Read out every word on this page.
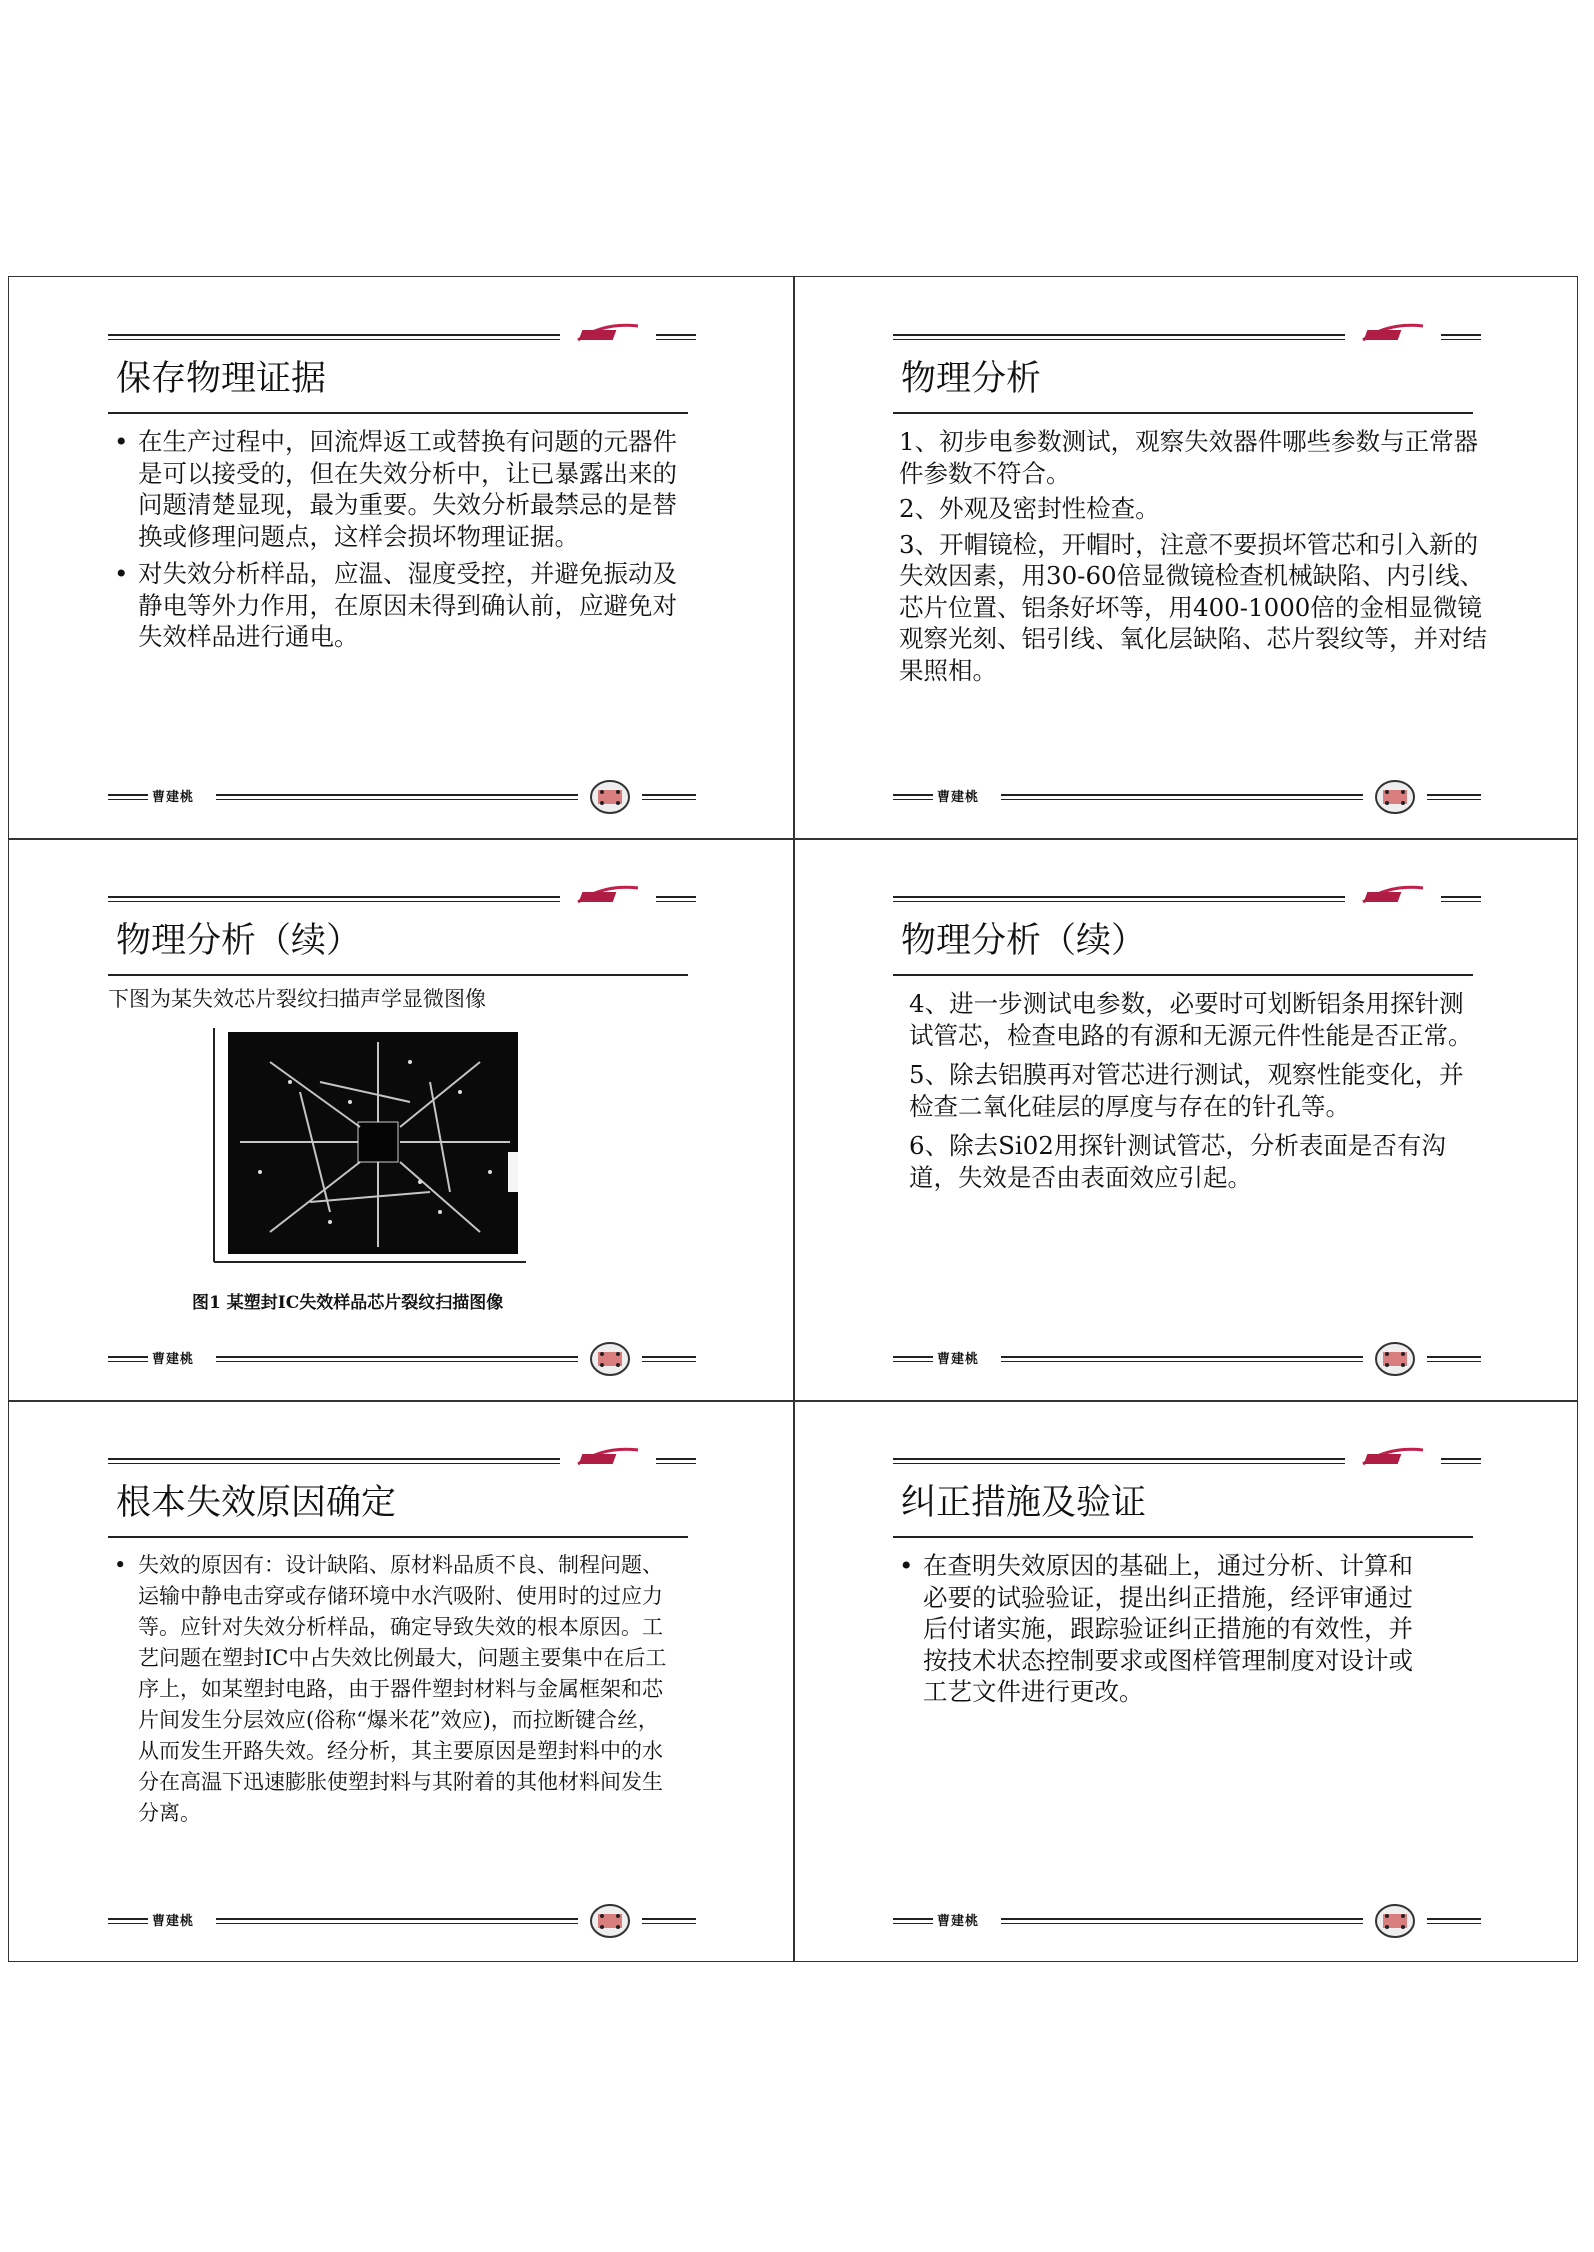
保存物理证据
• 在生产过程中，回流焊返工或替换有问题的元器件是可以接受的，但在失效分析中，让已暴露出来的问题清楚显现，最为重要。失效分析最禁忌的是替换或修理问题点，这样会损坏物理证据。
• 对失效分析样品，应温、湿度受控，并避免振动及静电等外力作用，在原因未得到确认前，应避免对失效样品进行通电。
曹建桃
物理分析
1、初步电参数测试，观察失效器件哪些参数与正常器件参数不符合。
2、外观及密封性检查。
3、开帽镜检，开帽时，注意不要损坏管芯和引入新的失效因素，用30-60倍显微镜检查机械缺陷、内引线、芯片位置、铝条好坏等，用400-1000倍的金相显微镜观察光刻、铝引线、氧化层缺陷、芯片裂纹等，并对结果照相。
曹建桃
物理分析（续）
下图为某失效芯片裂纹扫描声学显微图像
图1 某塑封IC失效样品芯片裂纹扫描图像
曹建桃
物理分析（续）
4、进一步测试电参数，必要时可划断铝条用探针测试管芯，检查电路的有源和无源元件性能是否正常。
5、除去铝膜再对管芯进行测试，观察性能变化，并检查二氧化硅层的厚度与存在的针孔等。
6、除去Si02用探针测试管芯，分析表面是否有沟道，失效是否由表面效应引起。
曹建桃
根本失效原因确定
• 失效的原因有：设计缺陷、原材料品质不良、制程问题、运输中静电击穿或存储环境中水汽吸附、使用时的过应力等。应针对失效分析样品，确定导致失效的根本原因。工艺问题在塑封IC中占失效比例最大，问题主要集中在后工序上，如某塑封电路，由于器件塑封材料与金属框架和芯片间发生分层效应(俗称“爆米花”效应)，而拉断键合丝，从而发生开路失效。经分析，其主要原因是塑封料中的水分在高温下迅速膨胀使塑封料与其附着的其他材料间发生分离。
曹建桃
纠正措施及验证
• 在查明失效原因的基础上，通过分析、计算和必要的试验验证，提出纠正措施，经评审通过后付诸实施，跟踪验证纠正措施的有效性，并按技术状态控制要求或图样管理制度对设计或工艺文件进行更改。
曹建桃
